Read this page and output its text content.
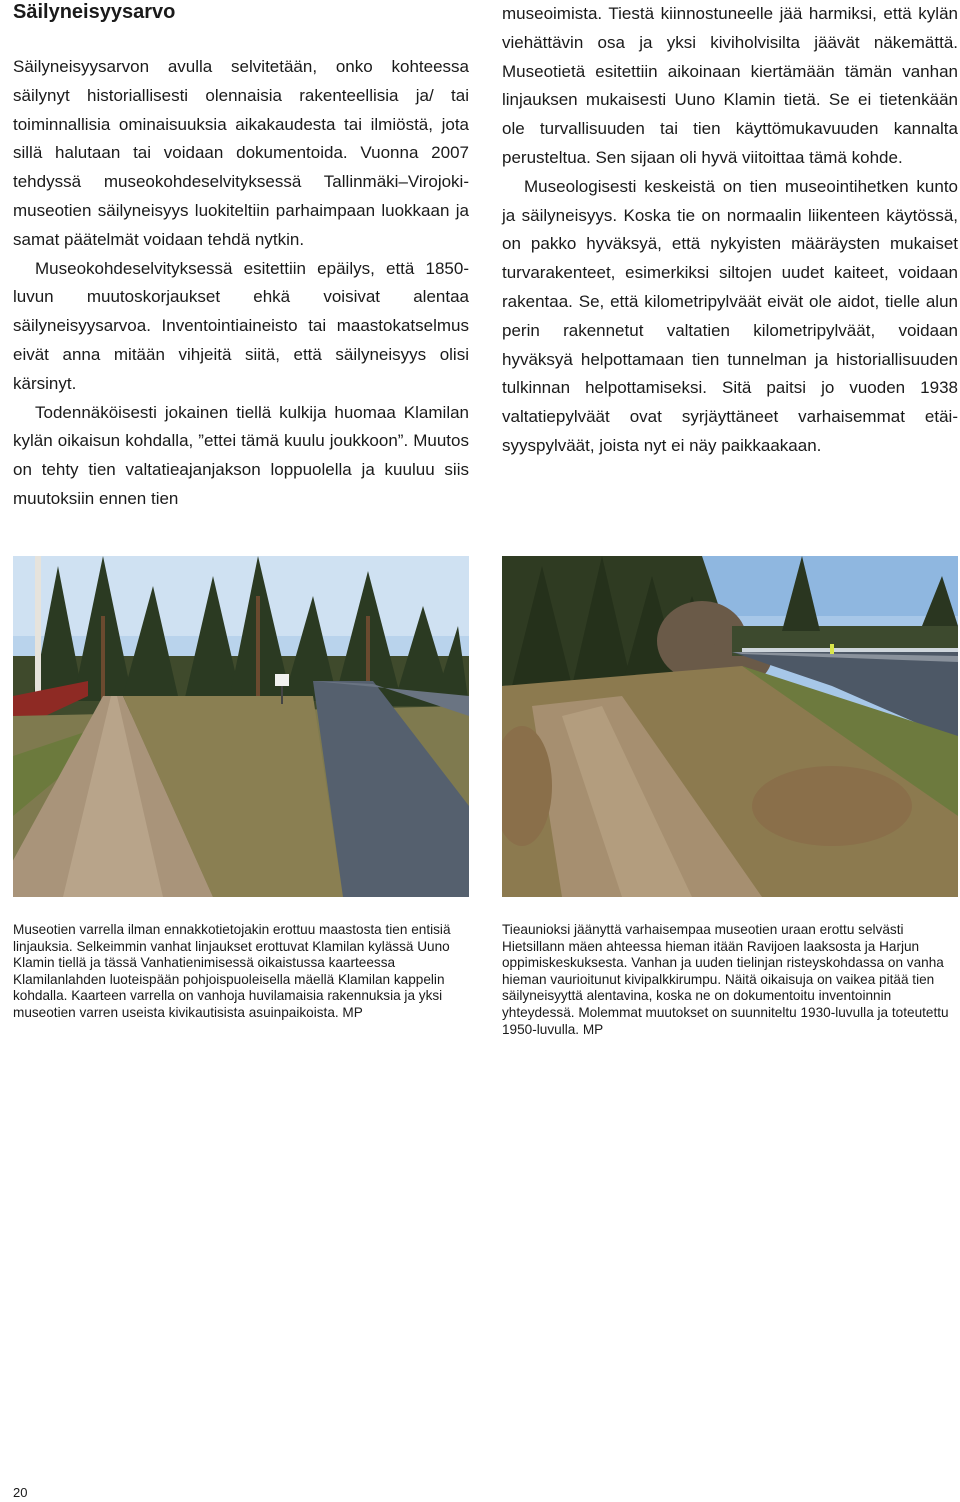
Säilyneisyysarvo

Säilyneisyysarvon avulla selvitetään, onko kohteessa säilynyt historiallisesti olennaisia rakenteellisia ja/ tai toiminnallisia ominaisuuksia aikakaudesta tai ilmiöstä, jota sillä halutaan tai voidaan dokumentoida. Vuonna 2007 tehdyssä museokohdeselvityksessä Tallinmäki–Virojoki-museotien säilyneisyys luokiteltiin parhaimpaan luokkaan ja samat päätelmät voidaan tehdä nytkin.

Museokohdeselvityksessä esitettiin epäilys, että 1850-luvun muutoskorjaukset ehkä voisivat alentaa säilyneisyysarvoa. Inventointiaineisto tai maastokatselmus eivät anna mitään vihjeitä siitä, että säilyneisyys olisi kärsinyt.

Todennäköisesti jokainen tiellä kulkija huomaa Klamilan kylän oikaisun kohdalla, ”ettei tämä kuulu joukkoon”. Muutos on tehty tien valtatieajanjakson loppuolella ja kuuluu siis muutoksiin ennen tien

museoimista. Tiestä kiinnostuneelle jää harmiksi, että kylän viehättävin osa ja yksi kiviholvisilta jäävät näkemättä. Museotietä esitettiin aikoinaan kiertämään tämän vanhan linjauksen mukaisesti Uuno Klamin tietä. Se ei tietenkään ole turvallisuuden tai tien käyttömukavuuden kannalta perusteltua. Sen sijaan oli hyvä viitoittaa tämä kohde.

Museologisesti keskeistä on tien museointihetken kunto ja säilyneisyys. Koska tie on normaalin liikenteen käytössä, on pakko hyväksyä, että nykyisten määräysten mukaiset turvarakenteet, esimerkiksi siltojen uudet kaiteet, voidaan rakentaa. Se, että kilometripylväät eivät ole aidot, tielle alun perin rakennetut valtatien kilometripylväät, voidaan hyväksyä helpottamaan tien tunnelman ja historiallisuuden tulkinnan helpottamiseksi. Sitä paitsi jo vuoden 1938 valtatiepylväät ovat syrjäyttäneet varhaisemmat etäisyyspylväät, joista nyt ei näy paikkaakaan.

Museotien varrella ilman ennakkotietojakin erottuu maastosta tien entisiä linjauksia. Selkeimmin vanhat linjaukset erottuvat Klamilan kylässä Uuno Klamin tiellä ja tässä Vanhatienimisessä oikaistussa kaarteessa Klamilanlahden luoteispään pohjoispuoleisella mäellä Klamilan kappelin kohdalla. Kaarteen varrella on vanhoja huvilamaisia rakennuksia ja yksi museotien varren useista kivikautisista asuinpaikoista. MP

Tieaunioksi jäänyttä varhaisempaa museotien uraan erottu selvästi Hietsillann mäen ahteessa hieman itään Ravijoen laaksosta ja Harjun oppimiskeskuksesta. Vanhan ja uuden tielinjan risteyskohdassa on vanha hieman vaurioitunut kivipalkkirumpu. Näitä oikaisuja on vaikea pitää tien säilyneisyyttä alentavina, koska ne on dokumentoitu inventoinnin yhteydessä. Molemmat muutokset on suunniteltu 1930-luvulla ja toteutettu 1950-luvulla. MP

20
